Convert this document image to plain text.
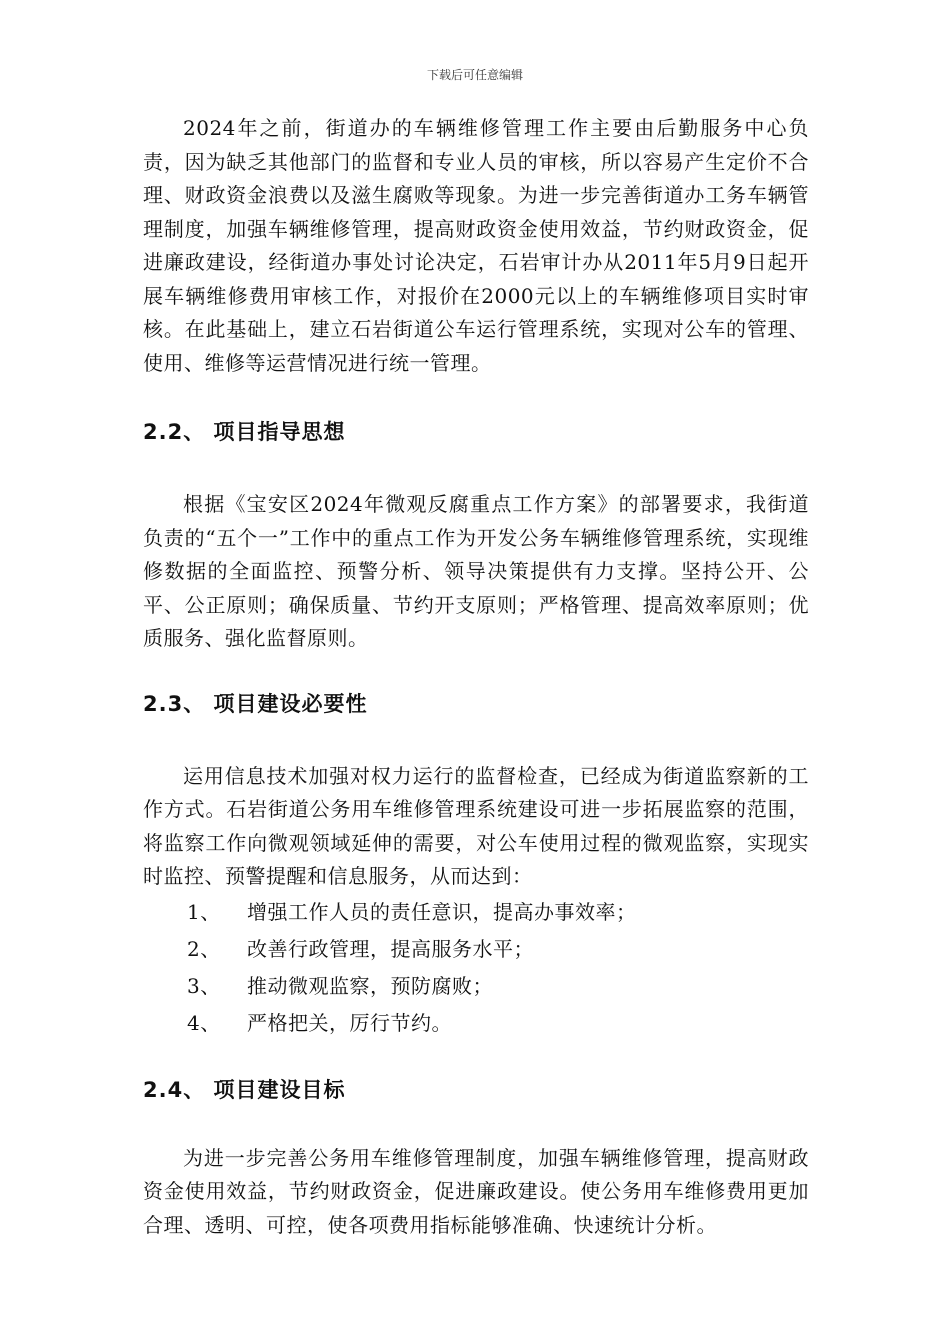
下载后可任意编辑

2024年之前，街道办的车辆维修管理工作主要由后勤服务中心负责，因为缺乏其他部门的监督和专业人员的审核，所以容易产生定价不合理、财政资金浪费以及滋生腐败等现象。为进一步完善街道办工务车辆管理制度，加强车辆维修管理，提高财政资金使用效益，节约财政资金，促进廉政建设，经街道办事处讨论决定，石岩审计办从2011年5月9日起开展车辆维修费用审核工作，对报价在2000元以上的车辆维修项目实时审核。在此基础上，建立石岩街道公车运行管理系统，实现对公车的管理、使用、维修等运营情况进行统一管理。

2.2、 项目指导思想

根据《宝安区2024年微观反腐重点工作方案》的部署要求，我街道负责的“五个一”工作中的重点工作为开发公务车辆维修管理系统，实现维修数据的全面监控、预警分析、领导决策提供有力支撑。坚持公开、公平、公正原则；确保质量、节约开支原则；严格管理、提高效率原则；优质服务、强化监督原则。

2.3、 项目建设必要性

运用信息技术加强对权力运行的监督检查，已经成为街道监察新的工作方式。石岩街道公务用车维修管理系统建设可进一步拓展监察的范围，将监察工作向微观领域延伸的需要，对公车使用过程的微观监察，实现实时监控、预警提醒和信息服务，从而达到：

1、	增强工作人员的责任意识，提高办事效率；
2、	改善行政管理，提高服务水平；
3、	推动微观监察，预防腐败；
4、	严格把关，厉行节约。
2.4、 项目建设目标

为进一步完善公务用车维修管理制度，加强车辆维修管理，提高财政资金使用效益，节约财政资金，促进廉政建设。使公务用车维修费用更加合理、透明、可控，使各项费用指标能够准确、快速统计分析。
